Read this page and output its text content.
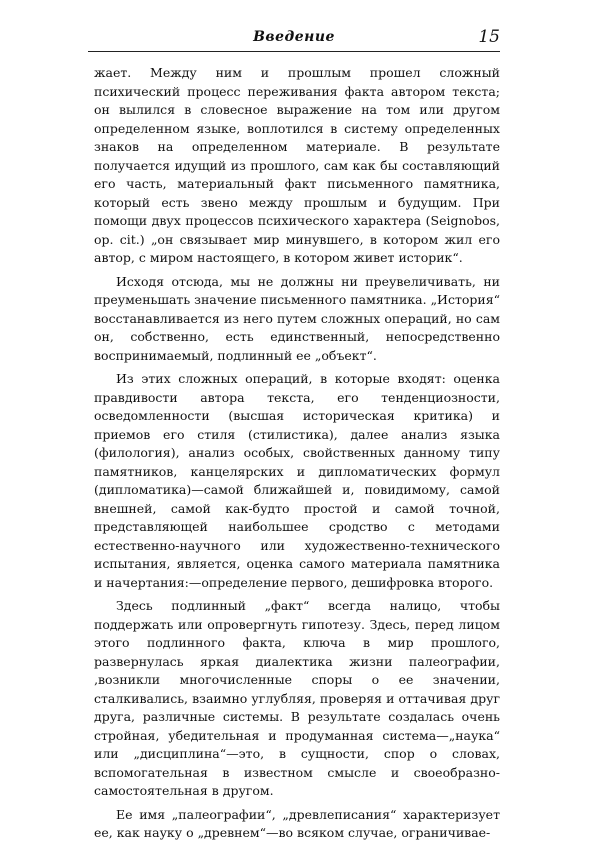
Введение	15

жает. Между ним и прошлым прошел сложный психический процесс переживания факта автором текста; он вылился в словесное выражение на том или другом определенном языке, воплотился в систему определенных знаков на определенном материале. В результате получается идущий из прошлого, сам как бы составляющий его часть, материальный факт письменного памятника, который есть звено между прошлым и будущим. При помощи двух процессов психического характера (Seignobos, op. cit.) „он связывает мир минувшего, в котором жил его автор, с миром настоящего, в котором живет историк“.

Исходя отсюда, мы не должны ни преувеличивать, ни преуменьшать значение письменного памятника. „История“ восстанавливается из него путем сложных операций, но сам он, собственно, есть единственный, непосредственно воспринимаемый, подлинный ее „объект“.

Из этих сложных операций, в которые входят: оценка правдивости автора текста, его тенденциозности, осведомленности (высшая историческая критика) и приемов его стиля (стилистика), далее анализ языка (филология), анализ особых, свойственных данному типу памятников, канцелярских и дипломатических формул (дипломатика)—самой ближайшей и, повидимому, самой внешней, самой как-будто простой и самой точной, представляющей наибольшее сродство с методами естественно-научного или художественно-технического испытания, является, оценка самого материала памятника и начертания:—определение первого, дешифровка второго.

Здесь подлинный „факт“ всегда налицо, чтобы поддержать или опровергнуть гипотезу. Здесь, перед лицом этого подлинного факта, ключа в мир прошлого, развернулась яркая диалектика жизни палеографии,‚возникли многочисленные споры о ее значении, сталкивались, взаимно углубляя, проверяя и оттачивая друг друга, различные системы. В результате создалась очень стройная, убедительная и продуманная система—„наука“ или „дисциплина“—это, в сущности, спор о словах, вспомогательная в известном смысле и своеобразно-самостоятельная в другом.

Ее имя „палеографии“, „древлеписания“ характеризует ее, как науку о „древнем“—во всяком случае, ограничивае-
